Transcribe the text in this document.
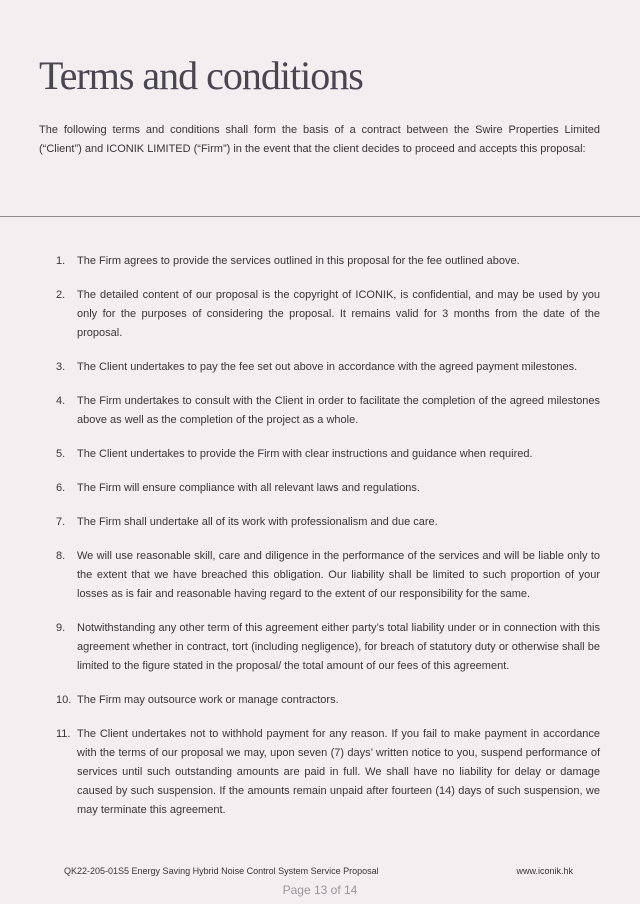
Terms and conditions

The following terms and conditions shall form the basis of a contract between the Swire Properties Limited (“Client”) and ICONIK LIMITED (“Firm”) in the event that the client decides to proceed and accepts this proposal:

1. The Firm agrees to provide the services outlined in this proposal for the fee outlined above.
2. The detailed content of our proposal is the copyright of ICONIK, is confidential, and may be used by you only for the purposes of considering the proposal. It remains valid for 3 months from the date of the proposal.
3. The Client undertakes to pay the fee set out above in accordance with the agreed payment milestones.
4. The Firm undertakes to consult with the Client in order to facilitate the completion of the agreed milestones above as well as the completion of the project as a whole.
5. The Client undertakes to provide the Firm with clear instructions and guidance when required.
6. The Firm will ensure compliance with all relevant laws and regulations.
7. The Firm shall undertake all of its work with professionalism and due care.
8. We will use reasonable skill, care and diligence in the performance of the services and will be liable only to the extent that we have breached this obligation. Our liability shall be limited to such proportion of your losses as is fair and reasonable having regard to the extent of our responsibility for the same.
9. Notwithstanding any other term of this agreement either party’s total liability under or in connection with this agreement whether in contract, tort (including negligence), for breach of statutory duty or otherwise shall be limited to the figure stated in the proposal/ the total amount of our fees of this agreement.
10. The Firm may outsource work or manage contractors.
11. The Client undertakes not to withhold payment for any reason. If you fail to make payment in accordance with the terms of our proposal we may, upon seven (7) days’ written notice to you, suspend performance of services until such outstanding amounts are paid in full. We shall have no liability for delay or damage caused by such suspension. If the amounts remain unpaid after fourteen (14) days of such suspension, we may terminate this agreement.
QK22-205-01S5 Energy Saving Hybrid Noise Control System Service Proposal	www.iconik.hk
Page 13 of 14
